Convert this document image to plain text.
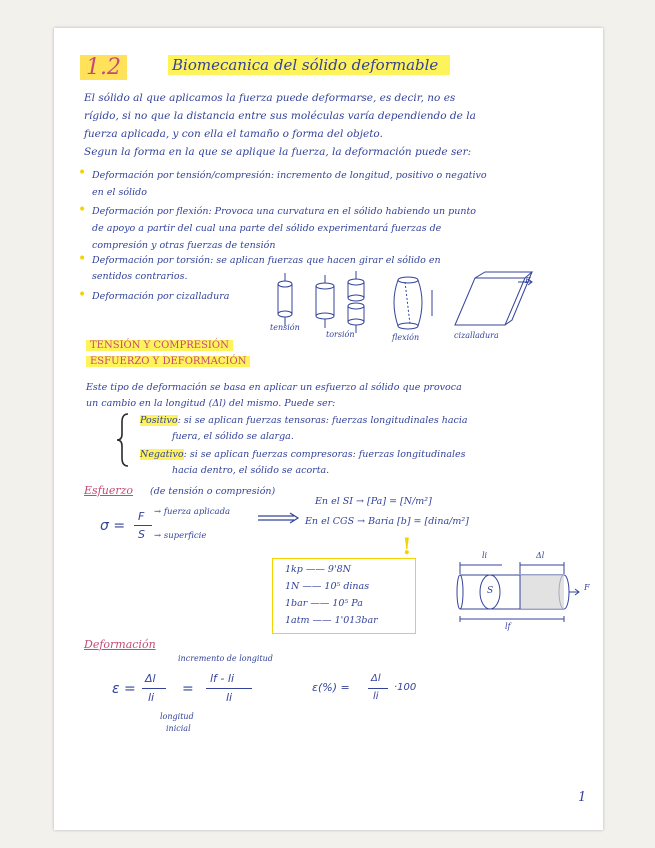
1.2	Biomecanica del sólido deformable
El sólido al que aplicamos la fuerza puede deformarse, es decir, no es
rígido, si no que la distancia entre sus moléculas varía dependiendo de la
fuerza aplicada, y con ella el tamaño o forma del objeto.
Segun la forma en la que se aplique la fuerza, la deformación puede ser:
• Deformación por tensión/compresión: incremento de longitud, positivo o negativo
en el sólido
• Deformación por flexión: Provoca una curvatura en el sólido habiendo un punto
de apoyo a partir del cual una parte del sólido experimentará fuerzas de
compresión y otras fuerzas de tensión
• Deformación por torsión: se aplican fuerzas que hacen girar el sólido en
sentidos contrarios.
• Deformación por cizalladura
tensión
torsión	flexión	cizalladura
F
TENSIÓN Y COMPRESIÓN
ESFUERZO Y DEFORMACIÓN
Este tipo de deformación se basa en aplicar un esfuerzo al sólido que provoca
un cambio en la longitud (Δl) del mismo. Puede ser:
Positivo: si se aplican fuerzas tensoras: fuerzas longitudinales hacia
fuera, el sólido se alarga.
Negativo: si se aplican fuerzas compresoras: fuerzas longitudinales
hacia dentro, el sólido se acorta.
Esfuerzo (de tensión o compresión)
σ =
F
S
→ fuerza aplicada
→ superficie
En el SI → [Pa] = [N/m²]
En el CGS → Baria [b] = [dina/m²]
!
1kp —— 9'8N
1N —— 10⁵ dinas
1bar —— 10⁵ Pa
1atm —— 1'013bar
li	Δl
S	F
lf
Deformación
incremento de longitud
ε =
Δl
li
=
lf - li
li
longitud
inicial
ε(%) =
Δl
li
·100
1
